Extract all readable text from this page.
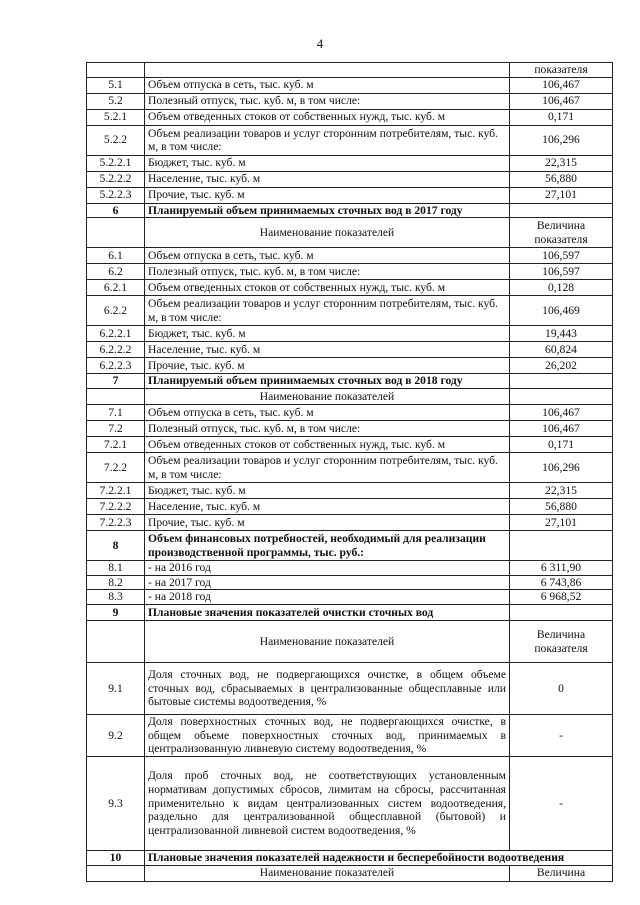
4
		показателя
5.1	Объем отпуска в сеть, тыс. куб. м	106,467
5.2	Полезный отпуск, тыс. куб. м, в том числе:	106,467
5.2.1	Объем отведенных стоков от собственных нужд, тыс. куб. м	0,171
5.2.2	Объем реализации товаров и услуг сторонним потребителям, тыс. куб. м, в том числе:	106,296
5.2.2.1	Бюджет, тыс. куб. м	22,315
5.2.2.2	Население, тыс. куб. м	56,880
5.2.2.3	Прочие, тыс. куб. м	27,101
6	Планируемый объем принимаемых сточных вод в 2017 году	
	Наименование показателей	Величина показателя
6.1	Объем отпуска в сеть, тыс. куб. м	106,597
6.2	Полезный отпуск, тыс. куб. м, в том числе:	106,597
6.2.1	Объем отведенных стоков от собственных нужд, тыс. куб. м	0,128
6.2.2	Объем реализации товаров и услуг сторонним потребителям, тыс. куб. м, в том числе:	106,469
6.2.2.1	Бюджет, тыс. куб. м	19,443
6.2.2.2	Население, тыс. куб. м	60,824
6.2.2.3	Прочие, тыс. куб. м	26,202
7	Планируемый объем принимаемых сточных вод в 2018 году	
	Наименование показателей	
7.1	Объем отпуска в сеть, тыс. куб. м	106,467
7.2	Полезный отпуск, тыс. куб. м, в том числе:	106,467
7.2.1	Объем отведенных стоков от собственных нужд, тыс. куб. м	0,171
7.2.2	Объем реализации товаров и услуг сторонним потребителям, тыс. куб. м, в том числе:	106,296
7.2.2.1	Бюджет, тыс. куб. м	22,315
7.2.2.2	Население, тыс. куб. м	56,880
7.2.2.3	Прочие, тыс. куб. м	27,101
8	Объем финансовых потребностей, необходимый для реализации производственной программы, тыс. руб.:	
8.1	- на 2016 год	6 311,90
8.2	- на 2017 год	6 743,86
8.3	- на 2018 год	6 968,52
9	Плановые значения показателей очистки сточных вод	
	Наименование показателей	Величина показателя
9.1	Доля сточных вод, не подвергающихся очистке, в общем объеме сточных вод, сбрасываемых в централизованные общесплавные или бытовые системы водоотведения, %	0
9.2	Доля поверхностных сточных вод, не подвергающихся очистке, в общем объеме поверхностных сточных вод, принимаемых в централизованную ливневую систему водоотведения, %	-
9.3	Доля проб сточных вод, не соответствующих установленным нормативам допустимых сбросов, лимитам на сбросы, рассчитанная применительно к видам централизованных систем водоотведения, раздельно для централизованной общесплавной (бытовой) и централизованной ливневой систем водоотведения, %	-
10	Плановые значения показателей надежности и бесперебойности водоотведения	
	Наименование показателей	Величина
